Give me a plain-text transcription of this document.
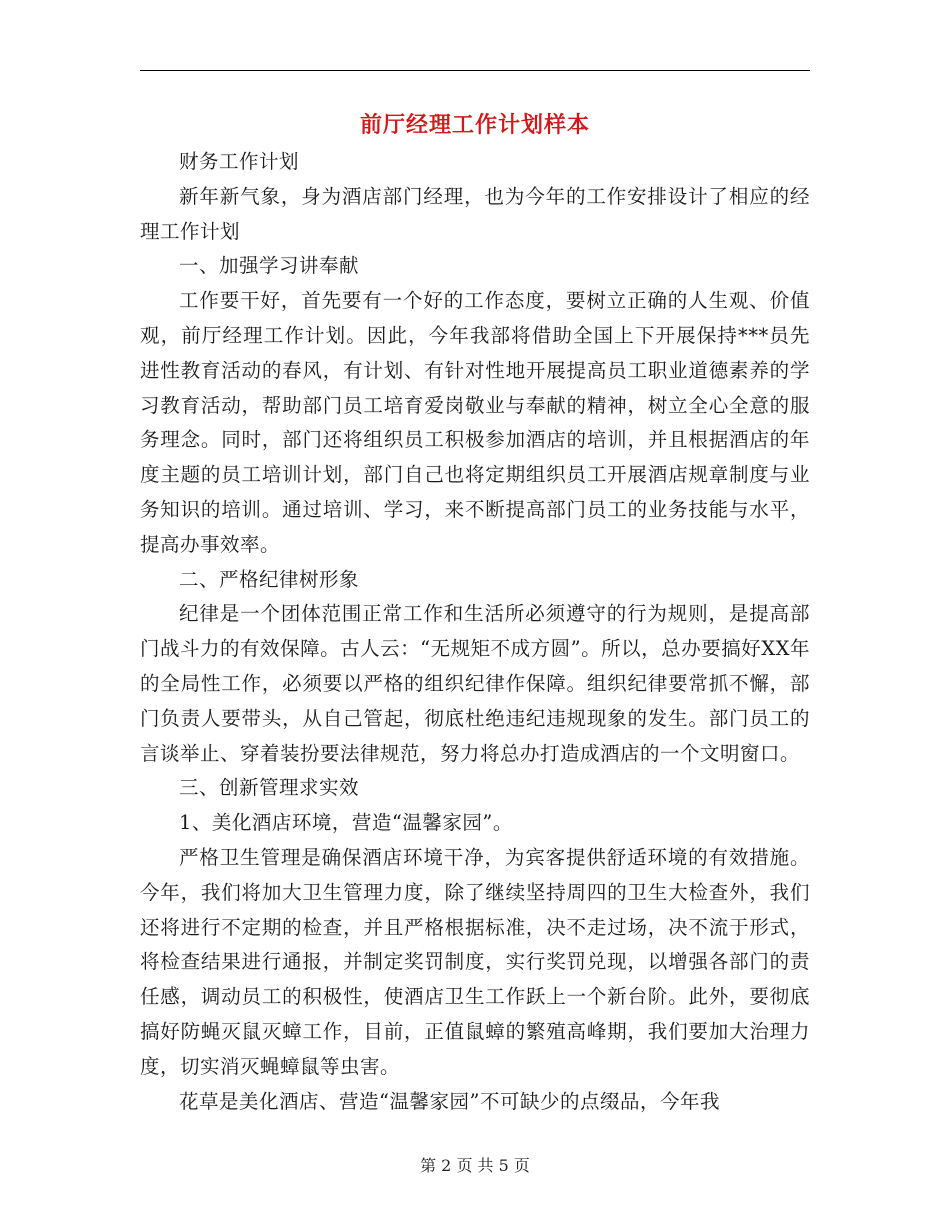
前厅经理工作计划样本

财务工作计划

新年新气象，身为酒店部门经理，也为今年的工作安排设计了相应的经理工作计划

一、加强学习讲奉献

工作要干好，首先要有一个好的工作态度，要树立正确的人生观、价值观，前厅经理工作计划。因此，今年我部将借助全国上下开展保持***员先进性教育活动的春风，有计划、有针对性地开展提高员工职业道德素养的学习教育活动，帮助部门员工培育爱岗敬业与奉献的精神，树立全心全意的服务理念。同时，部门还将组织员工积极参加酒店的培训，并且根据酒店的年度主题的员工培训计划，部门自己也将定期组织员工开展酒店规章制度与业务知识的培训。通过培训、学习，来不断提高部门员工的业务技能与水平，提高办事效率。

二、严格纪律树形象

纪律是一个团体范围正常工作和生活所必须遵守的行为规则，是提高部门战斗力的有效保障。古人云：“无规矩不成方圆”。所以，总办要搞好XX年的全局性工作，必须要以严格的组织纪律作保障。组织纪律要常抓不懈，部门负责人要带头，从自己管起，彻底杜绝违纪违规现象的发生。部门员工的言谈举止、穿着装扮要法律规范，努力将总办打造成酒店的一个文明窗口。

三、创新管理求实效

1、美化酒店环境，营造“温馨家园”。

严格卫生管理是确保酒店环境干净，为宾客提供舒适环境的有效措施。今年，我们将加大卫生管理力度，除了继续坚持周四的卫生大检查外，我们还将进行不定期的检查，并且严格根据标准，决不走过场，决不流于形式，将检查结果进行通报，并制定奖罚制度，实行奖罚兑现，以增强各部门的责任感，调动员工的积极性，使酒店卫生工作跃上一个新台阶。此外，要彻底搞好防蝇灭鼠灭蟑工作，目前，正值鼠蟑的繁殖高峰期，我们要加大治理力度，切实消灭蝇蟑鼠等虫害。

花草是美化酒店、营造“温馨家园”不可缺少的点缀品，今年我

第 2 页 共 5 页
